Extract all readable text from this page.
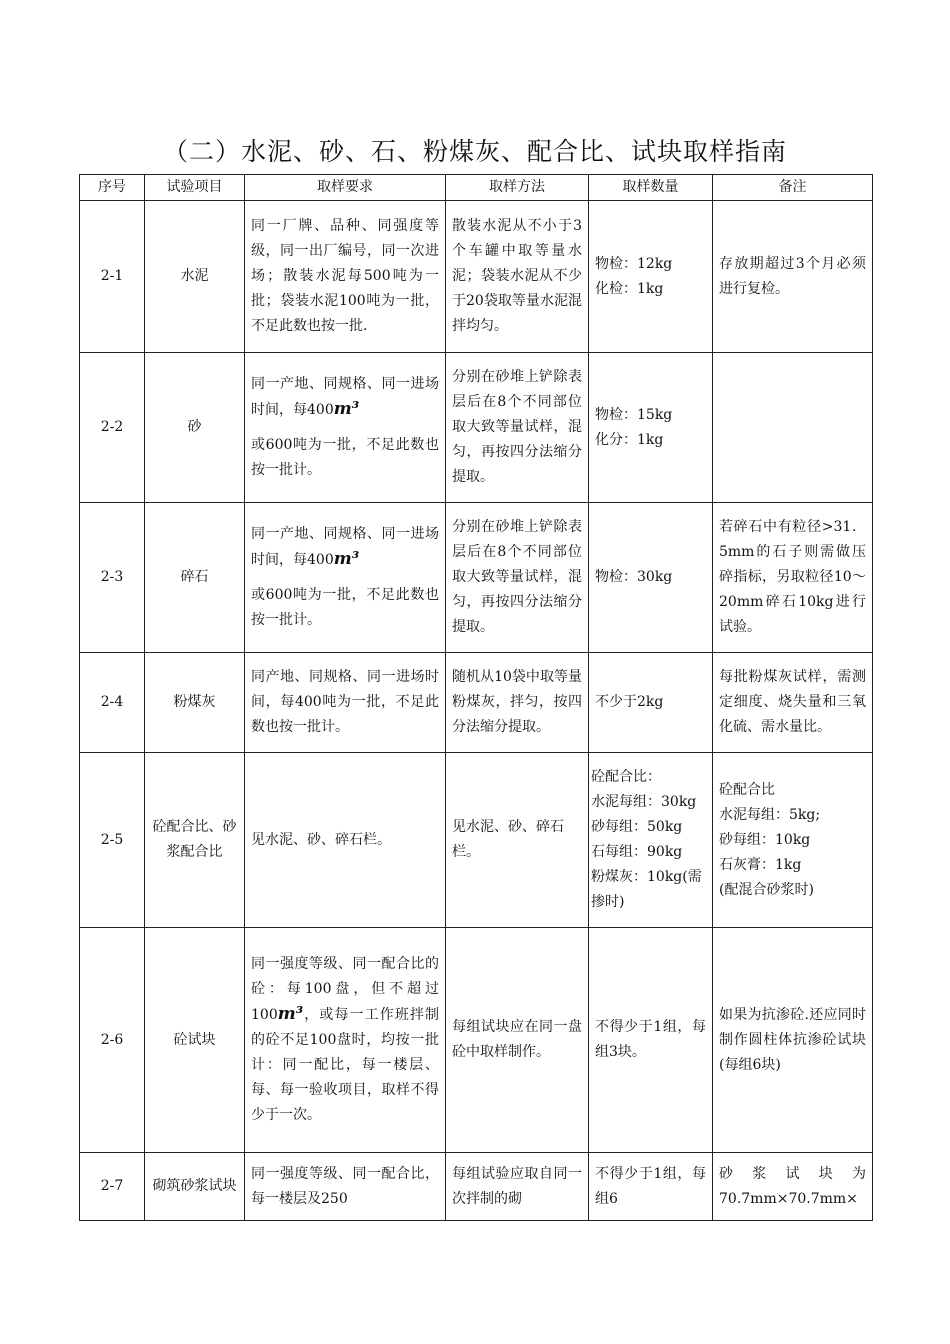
（二）水泥、砂、石、粉煤灰、配合比、试块取样指南
序号	试验项目	取样要求	取样方法	取样数量	备注
2-1	水泥	同一厂牌、品种、同强度等级，同一出厂编号，同一次进场；散装水泥每500吨为一批；袋装水泥100吨为一批，不足此数也按一批.	散装水泥从不小于3个车罐中取等量水泥；袋装水泥从不少于20袋取等量水泥混拌均匀。	物检：12kg
化检：1kg	存放期超过3个月必须进行复检。
2-2	砂	同一产地、同规格、同一进场时间，每400m³
或600吨为一批，不足此数也按一批计。	分别在砂堆上铲除表层后在8个不同部位取大致等量试样，混匀，再按四分法缩分提取。	物检：15kg
化分：1kg	

2-3	碎石	同一产地、同规格、同一进场时间，每400m³
或600吨为一批，不足此数也按一批计。	分别在砂堆上铲除表层后在8个不同部位取大致等量试样，混匀，再按四分法缩分提取。	物检：30kg	若碎石中有粒径>31．5mm的石子则需做压碎指标，另取粒径10～20mm碎石10kg进行试验。
2-4	粉煤灰	同产地、同规格、同一进场时间，每400吨为一批，不足此数也按一批计。	随机从10袋中取等量粉煤灰，拌匀，按四分法缩分提取。	不少于2kg	每批粉煤灰试样，需测定细度、烧失量和三氧化硫、需水量比。
2-5	砼配合比、砂浆配合比	见水泥、砂、碎石栏。	见水泥、砂、碎石栏。	砼配合比：
水泥每组：30kg
砂每组：50kg
石每组：90kg
粉煤灰：10kg(需掺时)	砼配合比
水泥每组：5kg;
砂每组：10kg
石灰膏：1kg
(配混合砂浆时)

2-6	砼试块	同一强度等级、同一配合比的砼：每100盘，但不超过100m³，或每一工作班拌制的砼不足100盘时，均按一批计：同一配比，每一楼层、每、每一验收项目，取样不得少于一次。	每组试块应在同一盘砼中取样制作。	不得少于1组，每组3块。	如果为抗渗砼.还应同时制作圆柱体抗渗砼试块(每组6块)
2-7	砌筑砂浆试块	同一强度等级、同一配合比，每一楼层及250	每组试验应取自同一次拌制的砌	不得少于1组，每组6	砂浆试块为70.7mm×70.7mm×
